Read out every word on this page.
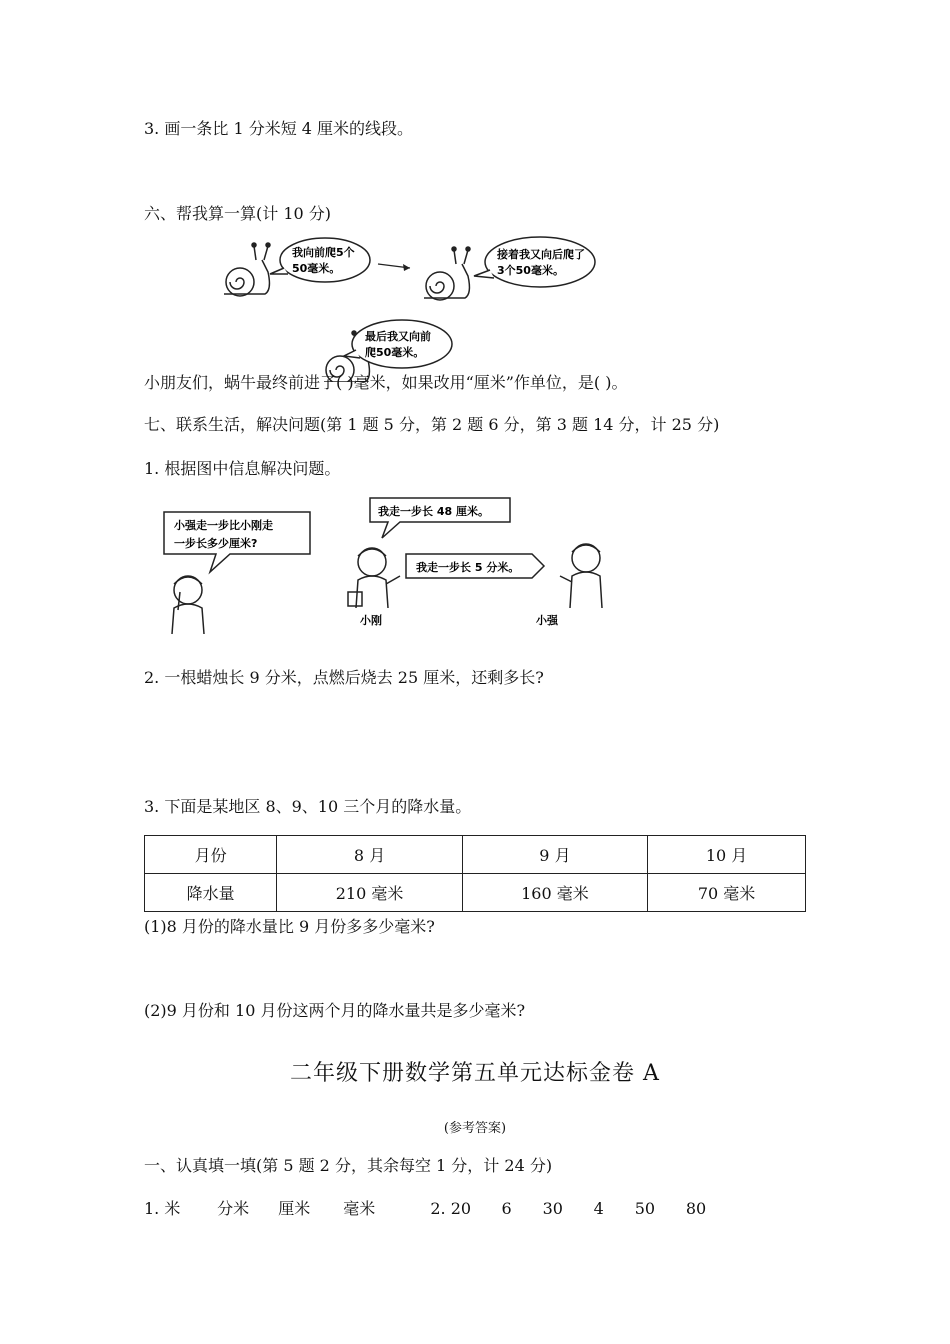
3. 画一条比 1 分米短 4 厘米的线段。
六、帮我算一算(计 10 分)
我向前爬5个
50毫米。
接着我又向后爬了
3个50毫米。
最后我又向前
爬50毫米。
小朋友们，蜗牛最终前进了( )毫米，如果改用“厘米”作单位，是( )。
七、联系生活，解决问题(第 1 题 5 分，第 2 题 6 分，第 3 题 14 分，计 25 分)
1. 根据图中信息解决问题。
小强走一步比小刚走
一步长多少厘米?
我走一步长 48 厘米。
我走一步长 5 分米。
小刚	小强
2. 一根蜡烛长 9 分米，点燃后烧去 25 厘米，还剩多长?
3. 下面是某地区 8、9、10 三个月的降水量。
月份	8 月	9 月	10 月
降水量	210 毫米	160 毫米	70 毫米
(1)8 月份的降水量比 9 月份多多少毫米?
(2)9 月份和 10 月份这两个月的降水量共是多少毫米?
二年级下册数学第五单元达标金卷 A
(参考答案)
一、认真填一填(第 5 题 2 分，其余每空 1 分，计 24 分)
1. 米 分米 厘米 毫米	2. 20 6 30 4 50 80
